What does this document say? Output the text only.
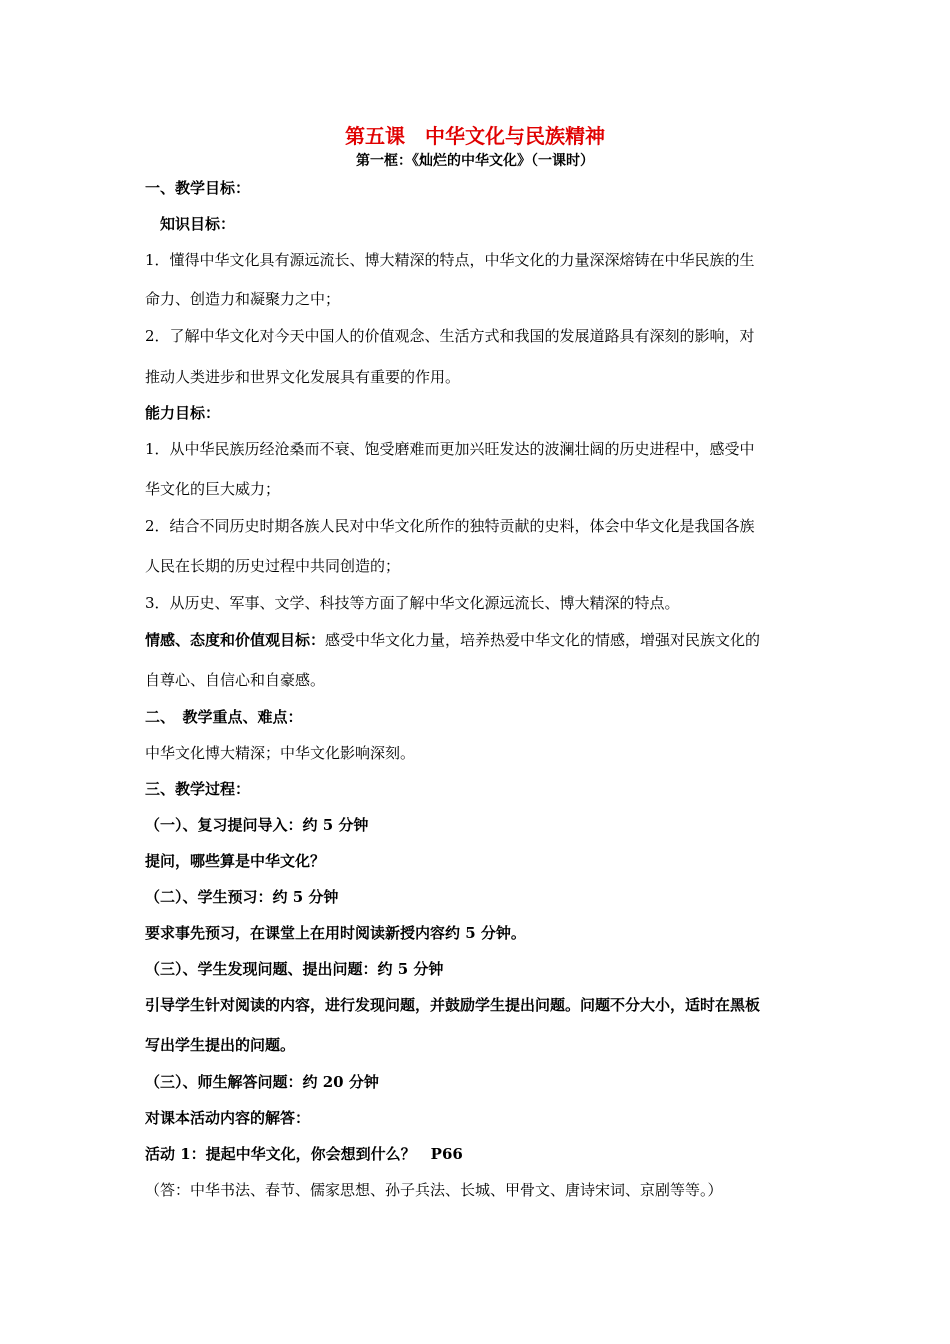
第五课　中华文化与民族精神
第一框：《灿烂的中华文化》（一课时）
一、教学目标：
知识目标：
1．懂得中华文化具有源远流长、博大精深的特点，中华文化的力量深深熔铸在中华民族的生
命力、创造力和凝聚力之中；
2．了解中华文化对今天中国人的价值观念、生活方式和我国的发展道路具有深刻的影响，对
推动人类进步和世界文化发展具有重要的作用。
能力目标：
1．从中华民族历经沧桑而不衰、饱受磨难而更加兴旺发达的波澜壮阔的历史进程中，感受中
华文化的巨大威力；
2．结合不同历史时期各族人民对中华文化所作的独特贡献的史料，体会中华文化是我国各族
人民在长期的历史过程中共同创造的；
3．从历史、军事、文学、科技等方面了解中华文化源远流长、博大精深的特点。
情感、态度和价值观目标：感受中华文化力量，培养热爱中华文化的情感，增强对民族文化的
自尊心、自信心和自豪感。
二、　教学重点、难点：
中华文化博大精深；中华文化影响深刻。
三、教学过程：
（一）、复习提问导入：约 5 分钟
提问，哪些算是中华文化？
（二）、学生预习：约 5 分钟
要求事先预习，在课堂上在用时阅读新授内容约 5 分钟。
（三）、学生发现问题、提出问题：约 5 分钟
引导学生针对阅读的内容，进行发现问题，并鼓励学生提出问题。问题不分大小，适时在黑板
写出学生提出的问题。
（三）、师生解答问题：约 20 分钟
对课本活动内容的解答：
活动 1：提起中华文化，你会想到什么？　P66
（答：中华书法、春节、儒家思想、孙子兵法、长城、甲骨文、唐诗宋词、京剧等等。）
